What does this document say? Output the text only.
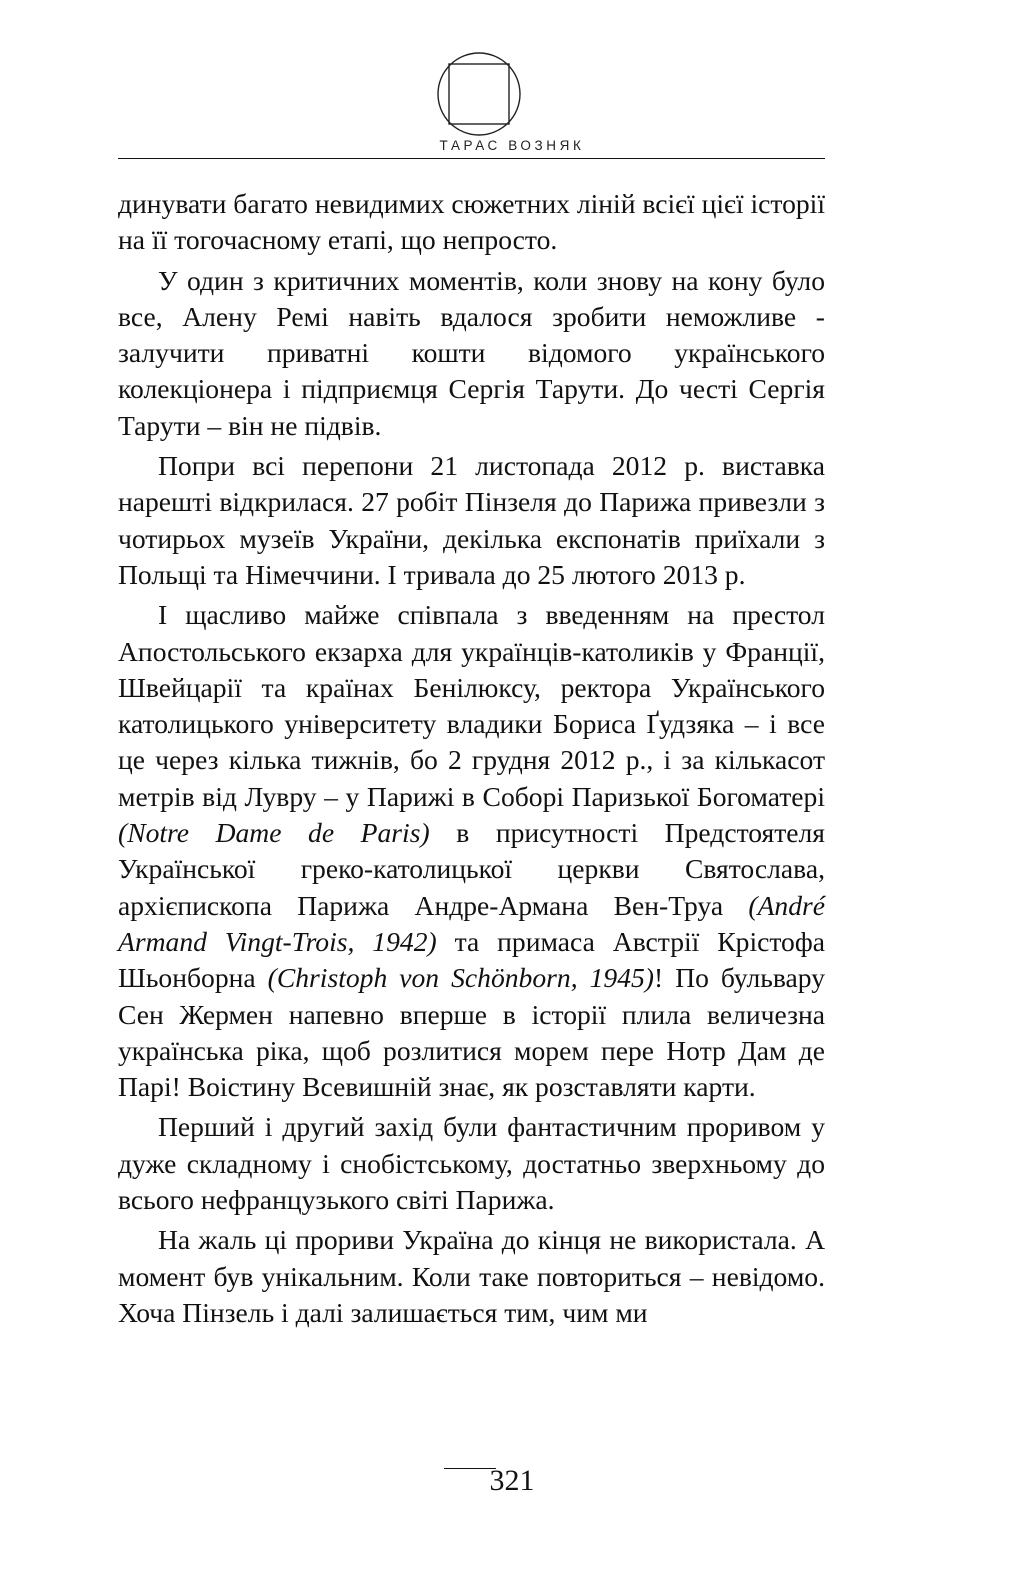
ТАРАС ВОЗНЯК

динувати багато невидимих сюжетних ліній всієї цієї історії на її тогочасному етапі, що непросто.

У один з критичних моментів, коли знову на кону було все, Алену Ремі навіть вдалося зробити неможливе - залучити приватні кошти відомого українського колекціонера і підприємця Сергія Тарути. До честі Сергія Тарути – він не підвів.

Попри всі перепони 21 листопада 2012 р. виставка нарешті відкрилася. 27 робіт Пінзеля до Парижа привезли з чотирьох музеїв України, декілька експонатів приїхали з Польщі та Німеччини. І тривала до 25 лютого 2013 р.

І щасливо майже співпала з введенням на престол Апостольського екзарха для українців-католиків у Франції, Швейцарії та країнах Бенілюксу, ректора Українського католицького університету владики Бориса Ґудзяка – і все це через кілька тижнів, бо 2 грудня 2012 р., і за кількасот метрів від Лувру – у Парижі в Соборі Паризької Богоматері (Notre Dame de Paris) в присутності Предстоятеля Української греко-католицької церкви Святослава, архієпископа Парижа Андре-Армана Вен-Труа (André Armand Vingt-Trois, 1942) та примаса Австрії Крістофа Шьонборна (Christoph von Schönborn, 1945)! По бульвару Сен Жермен напевно вперше в історії плила величезна українська ріка, щоб розлитися морем пере Нотр Дам де Парі! Воістину Всевишній знає, як розставляти карти.

Перший і другий захід були фантастичним проривом у дуже складному і снобістському, достатньо зверхньому до всього нефранцузького світі Парижа.

На жаль ці прориви Україна до кінця не використала. А момент був унікальним. Коли таке повториться – невідомо. Хоча Пінзель і далі залишається тим, чим ми

321
